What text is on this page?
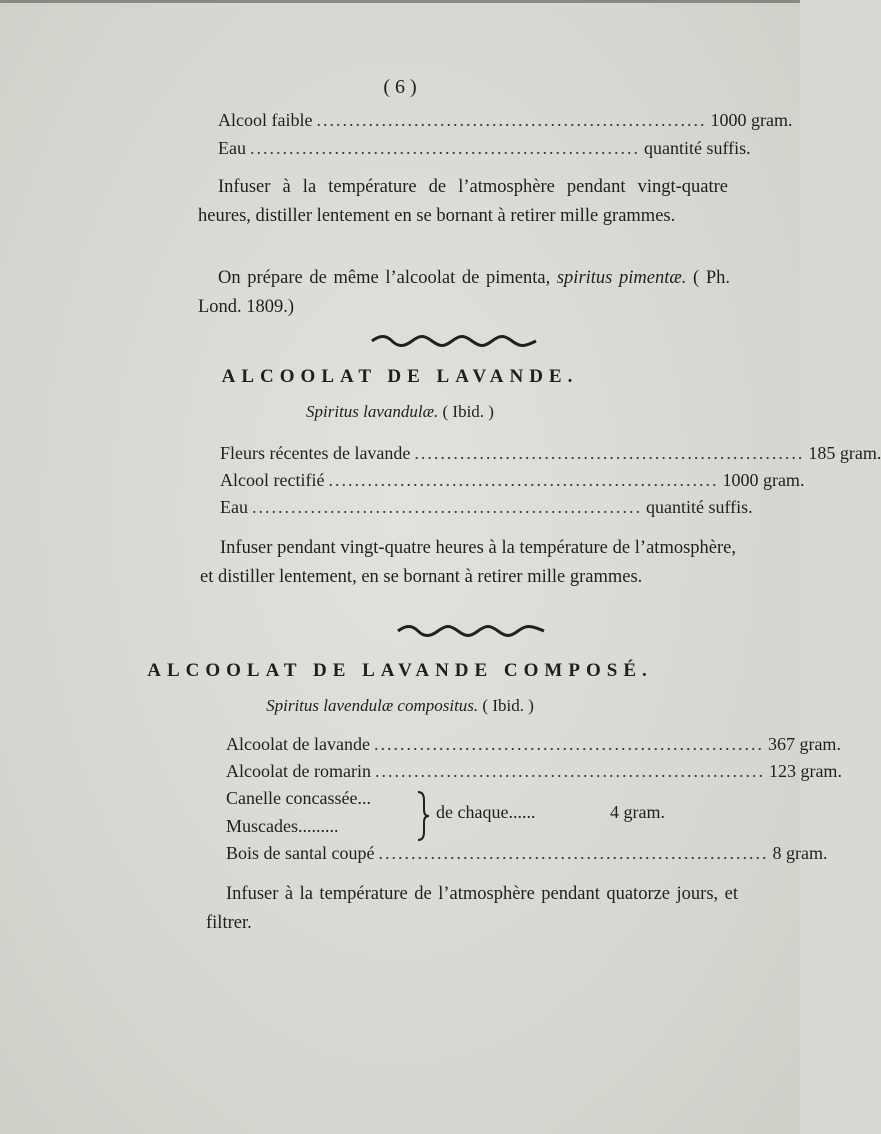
( 6 )
Alcool faible ............................................................ 1000 gram.
Eau ............................................................ quantité suffis.
Infuser à la température de l’atmosphère pendant vingt-quatre heures, distiller lentement en se bornant à retirer mille grammes.
On prépare de même l’alcoolat de pimenta, spiritus pimentæ. ( Ph. Lond. 1809.)
ALCOOLAT DE LAVANDE.
Spiritus lavandulæ. ( Ibid. )
Fleurs récentes de lavande ............................................................ 185 gram.
Alcool rectifié ............................................................ 1000 gram.
Eau ............................................................ quantité suffis.
Infuser pendant vingt-quatre heures à la température de l’atmosphère, et distiller lentement, en se bornant à retirer mille grammes.
ALCOOLAT DE LAVANDE COMPOSÉ.
Spiritus lavendulæ compositus. ( Ibid. )
Alcoolat de lavande ............................................................ 367 gram.
Alcoolat de romarin ............................................................ 123 gram.
Canelle concassée...
Muscades.........
de chaque......	4 gram.
Bois de santal coupé ............................................................ 8 gram.
Infuser à la température de l’atmosphère pendant quatorze jours, et filtrer.
